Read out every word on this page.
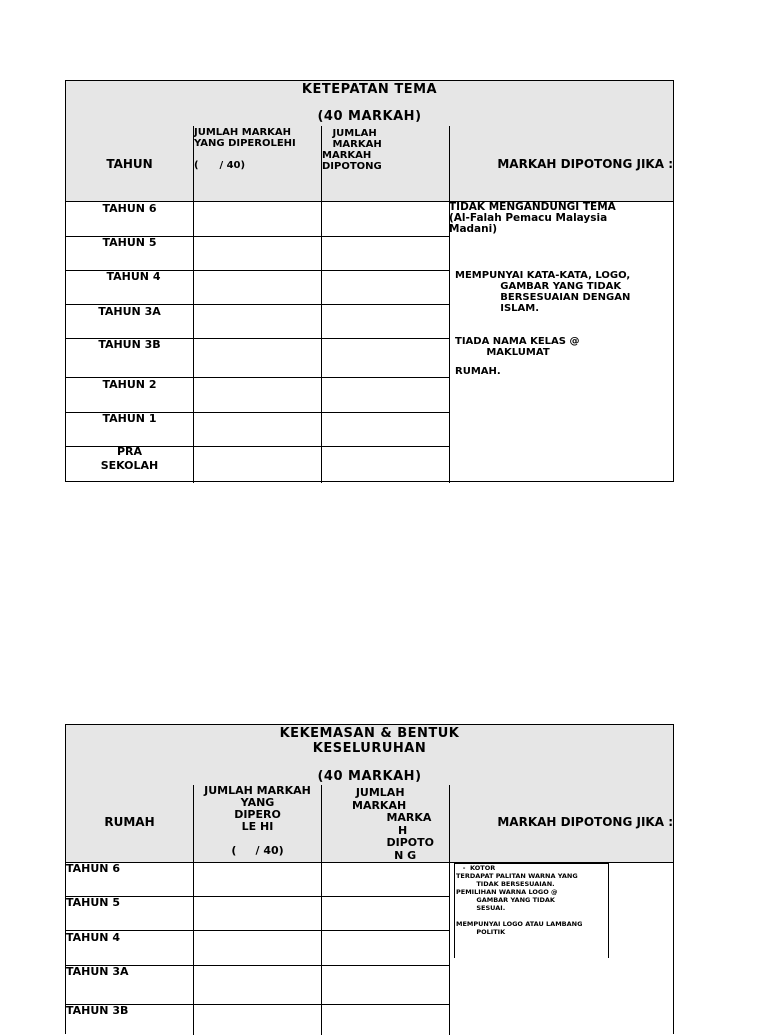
KETEPATAN TEMA
(40 MARKAH)
TAHUN
JUMLAH MARKAH
YANG DIPEROLEHI

(      / 40)
JUMLAH
MARKAH
MARKAH
DIPOTONG	MARKAH DIPOTONG JIKA :
TAHUN 6
TAHUN 5
TAHUN 4
TAHUN 3A
TAHUN 3B
TAHUN 2
TAHUN 1
PRA
SEKOLAH
TIDAK MENGANDUNGI TEMA
(Al-Falah Pemacu Malaysia
Madani)
MEMPUNYAI KATA-KATA, LOGO,
GAMBAR YANG TIDAK
BERSESUAIAN DENGAN
ISLAM.
TIADA NAMA KELAS @
MAKLUMAT
RUMAH.
KEKEMASAN & BENTUK
KESELURUHAN
(40 MARKAH)
RUMAH
JUMLAH MARKAH
YANG
DIPERO
LE HI

(     / 40)
JUMLAH
MARKAH
MARKA
H
DIPOTO
N G
MARKAH DIPOTONG JIKA :
TAHUN 6
TAHUN 5
TAHUN 4
TAHUN 3A
TAHUN 3B
-  KOTOR
TERDAPAT PALITAN WARNA YANG
TIDAK BERSESUAIAN.
PEMILIHAN WARNA LOGO @
GAMBAR YANG TIDAK
SESUAI.

MEMPUNYAI LOGO ATAU LAMBANG
POLITIK
